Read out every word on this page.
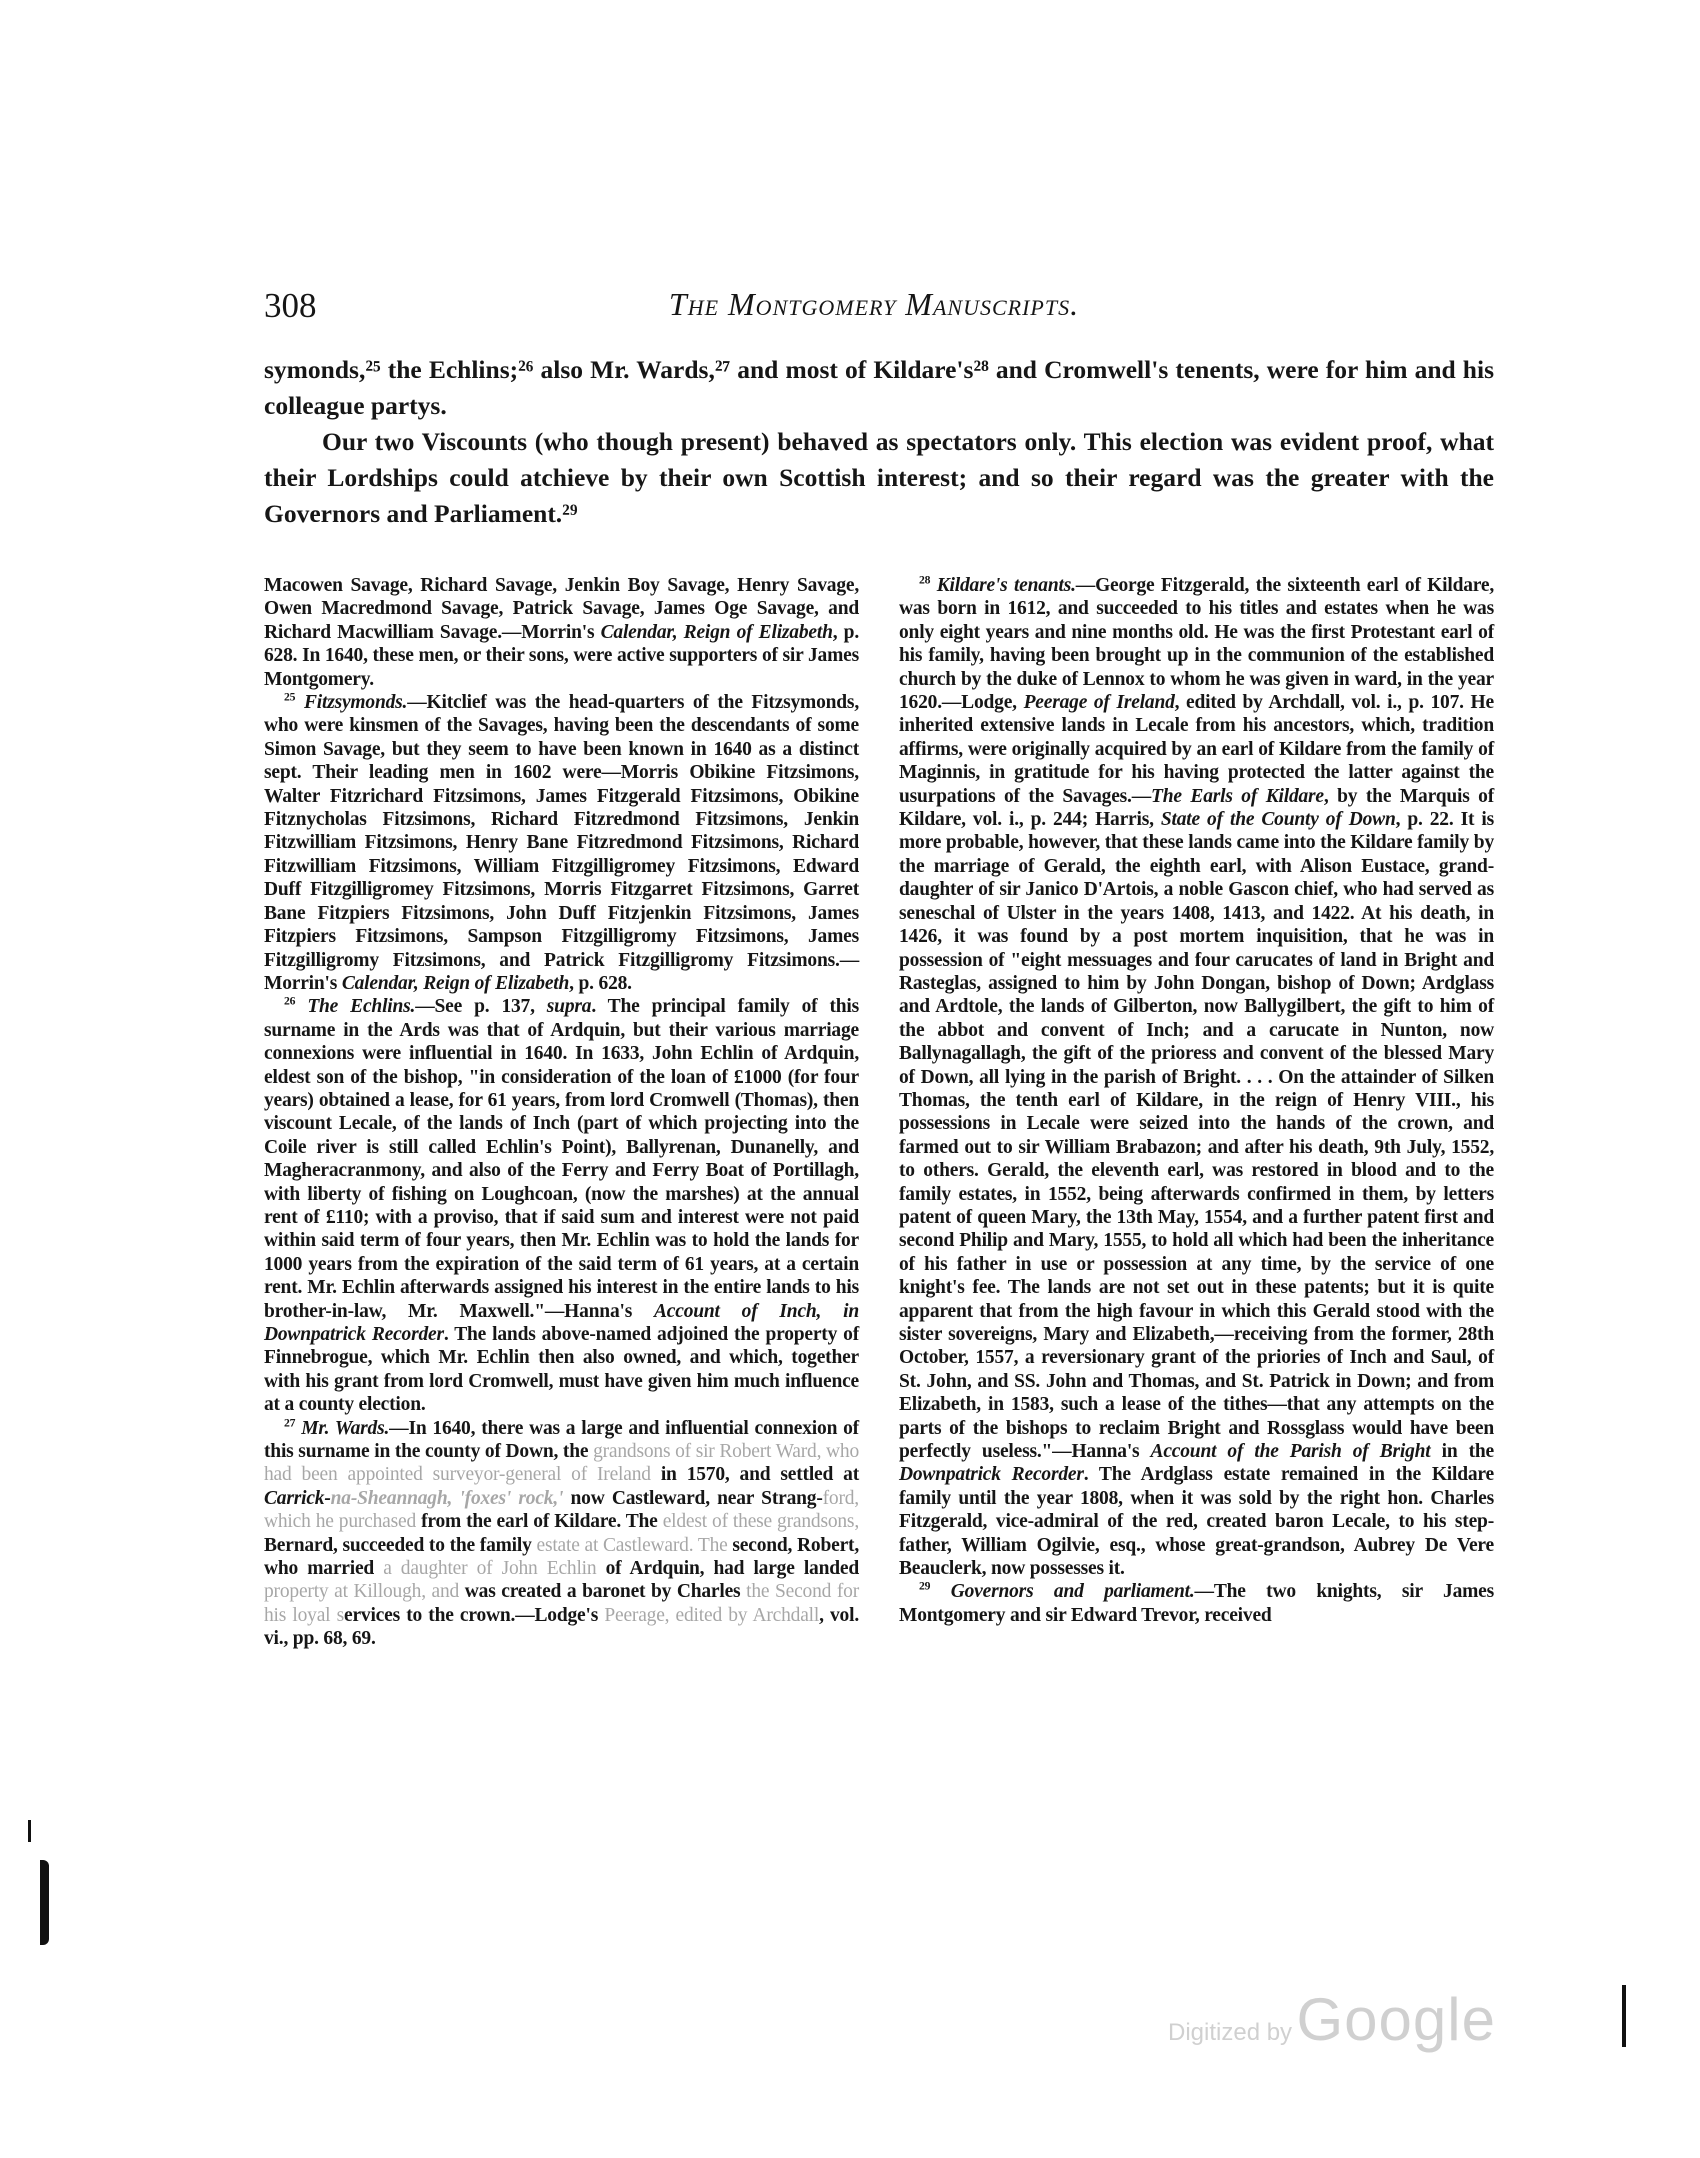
308	The Montgomery Manuscripts.

symonds,²⁵ the Echlins;²⁶ also Mr. Wards,²⁷ and most of Kildare's²⁸ and Cromwell's tenents, were for him and his colleague partys.

Our two Viscounts (who though present) behaved as spectators only. This election was evident proof, what their Lordships could atchieve by their own Scottish interest; and so their regard was the greater with the Governors and Parliament.²⁹

Macowen Savage, Richard Savage, Jenkin Boy Savage, Henry Savage, Owen Macredmond Savage, Patrick Savage, James Oge Savage, and Richard Macwilliam Savage.—Morrin's Calendar, Reign of Elizabeth, p. 628. In 1640, these men, or their sons, were active supporters of sir James Montgomery.

$^{25}$ Fitzsymonds.—Kitclief was the head-quarters of the Fitzsymonds, who were kinsmen of the Savages, having been the descendants of some Simon Savage, but they seem to have been known in 1640 as a distinct sept. Their leading men in 1602 were—Morris Obikine Fitzsimons, Walter Fitzrichard Fitzsimons, James Fitzgerald Fitzsimons, Obikine Fitznycholas Fitzsimons, Richard Fitzredmond Fitzsimons, Jenkin Fitzwilliam Fitzsimons, Henry Bane Fitzredmond Fitzsimons, Richard Fitzwilliam Fitzsimons, William Fitzgilligromey Fitzsimons, Edward Duff Fitzgilligromey Fitzsimons, Morris Fitzgarret Fitzsimons, Garret Bane Fitzpiers Fitzsimons, John Duff Fitzjenkin Fitzsimons, James Fitzpiers Fitzsimons, Sampson Fitzgilligromy Fitzsimons, James Fitzgilligromy Fitzsimons, and Patrick Fitzgilligromy Fitzsimons.—Morrin's Calendar, Reign of Elizabeth, p. 628.

$^{26}$ The Echlins.—See p. 137, supra. The principal family of this surname in the Ards was that of Ardquin, but their various marriage connexions were influential in 1640. In 1633, John Echlin of Ardquin, eldest son of the bishop, "in consideration of the loan of £1000 (for four years) obtained a lease, for 61 years, from lord Cromwell (Thomas), then viscount Lecale, of the lands of Inch (part of which projecting into the Coile river is still called Echlin's Point), Ballyrenan, Dunanelly, and Magheracranmony, and also of the Ferry and Ferry Boat of Portillagh, with liberty of fishing on Loughcoan, (now the marshes) at the annual rent of £110; with a proviso, that if said sum and interest were not paid within said term of four years, then Mr. Echlin was to hold the lands for 1000 years from the expiration of the said term of 61 years, at a certain rent. Mr. Echlin afterwards assigned his interest in the entire lands to his brother-in-law, Mr. Maxwell."—Hanna's Account of Inch, in Downpatrick Recorder. The lands above-named adjoined the property of Finnebrogue, which Mr. Echlin then also owned, and which, together with his grant from lord Cromwell, must have given him much influence at a county election.

$^{27}$ Mr. Wards.—In 1640, there was a large and influential connexion of this surname in the county of Down, the grandsons of sir Robert Ward, who had been appointed surveyor-general of Ireland in 1570, and settled at Carrick-na-Sheannagh, 'foxes' rock,' now Castleward, near Strang-ford, which he purchased from the earl of Kildare. The eldest of these grandsons, Bernard, succeeded to the family estate at Castleward. The second, Robert, who married a daughter of John Echlin of Ardquin, had large landed property at Killough, and was created a baronet by Charles the Second for his loyal services to the crown.—Lodge's Peerage, edited by Archdall, vol. vi., pp. 68, 69.

$^{28}$ Kildare's tenants.—George Fitzgerald, the sixteenth earl of Kildare, was born in 1612, and succeeded to his titles and estates when he was only eight years and nine months old. He was the first Protestant earl of his family, having been brought up in the communion of the established church by the duke of Lennox to whom he was given in ward, in the year 1620.—Lodge, Peerage of Ireland, edited by Archdall, vol. i., p. 107. He inherited extensive lands in Lecale from his ancestors, which, tradition affirms, were originally acquired by an earl of Kildare from the family of Maginnis, in gratitude for his having protected the latter against the usurpations of the Savages.—The Earls of Kildare, by the Marquis of Kildare, vol. i., p. 244; Harris, State of the County of Down, p. 22. It is more probable, however, that these lands came into the Kildare family by the marriage of Gerald, the eighth earl, with Alison Eustace, grand-daughter of sir Janico D'Artois, a noble Gascon chief, who had served as seneschal of Ulster in the years 1408, 1413, and 1422. At his death, in 1426, it was found by a post mortem inquisition, that he was in possession of "eight messuages and four carucates of land in Bright and Rasteglas, assigned to him by John Dongan, bishop of Down; Ardglass and Ardtole, the lands of Gilberton, now Ballygilbert, the gift to him of the abbot and convent of Inch; and a carucate in Nunton, now Ballynagallagh, the gift of the prioress and convent of the blessed Mary of Down, all lying in the parish of Bright. . . . On the attainder of Silken Thomas, the tenth earl of Kildare, in the reign of Henry VIII., his possessions in Lecale were seized into the hands of the crown, and farmed out to sir William Brabazon; and after his death, 9th July, 1552, to others. Gerald, the eleventh earl, was restored in blood and to the family estates, in 1552, being afterwards confirmed in them, by letters patent of queen Mary, the 13th May, 1554, and a further patent first and second Philip and Mary, 1555, to hold all which had been the inheritance of his father in use or possession at any time, by the service of one knight's fee. The lands are not set out in these patents; but it is quite apparent that from the high favour in which this Gerald stood with the sister sovereigns, Mary and Elizabeth,—receiving from the former, 28th October, 1557, a reversionary grant of the priories of Inch and Saul, of St. John, and SS. John and Thomas, and St. Patrick in Down; and from Elizabeth, in 1583, such a lease of the tithes—that any attempts on the parts of the bishops to reclaim Bright and Rossglass would have been perfectly useless."—Hanna's Account of the Parish of Bright in the Downpatrick Recorder. The Ardglass estate remained in the Kildare family until the year 1808, when it was sold by the right hon. Charles Fitzgerald, vice-admiral of the red, created baron Lecale, to his step-father, William Ogilvie, esq., whose great-grandson, Aubrey De Vere Beauclerk, now possesses it.

$^{29}$ Governors and parliament.—The two knights, sir James Montgomery and sir Edward Trevor, received

Digitized by Google
